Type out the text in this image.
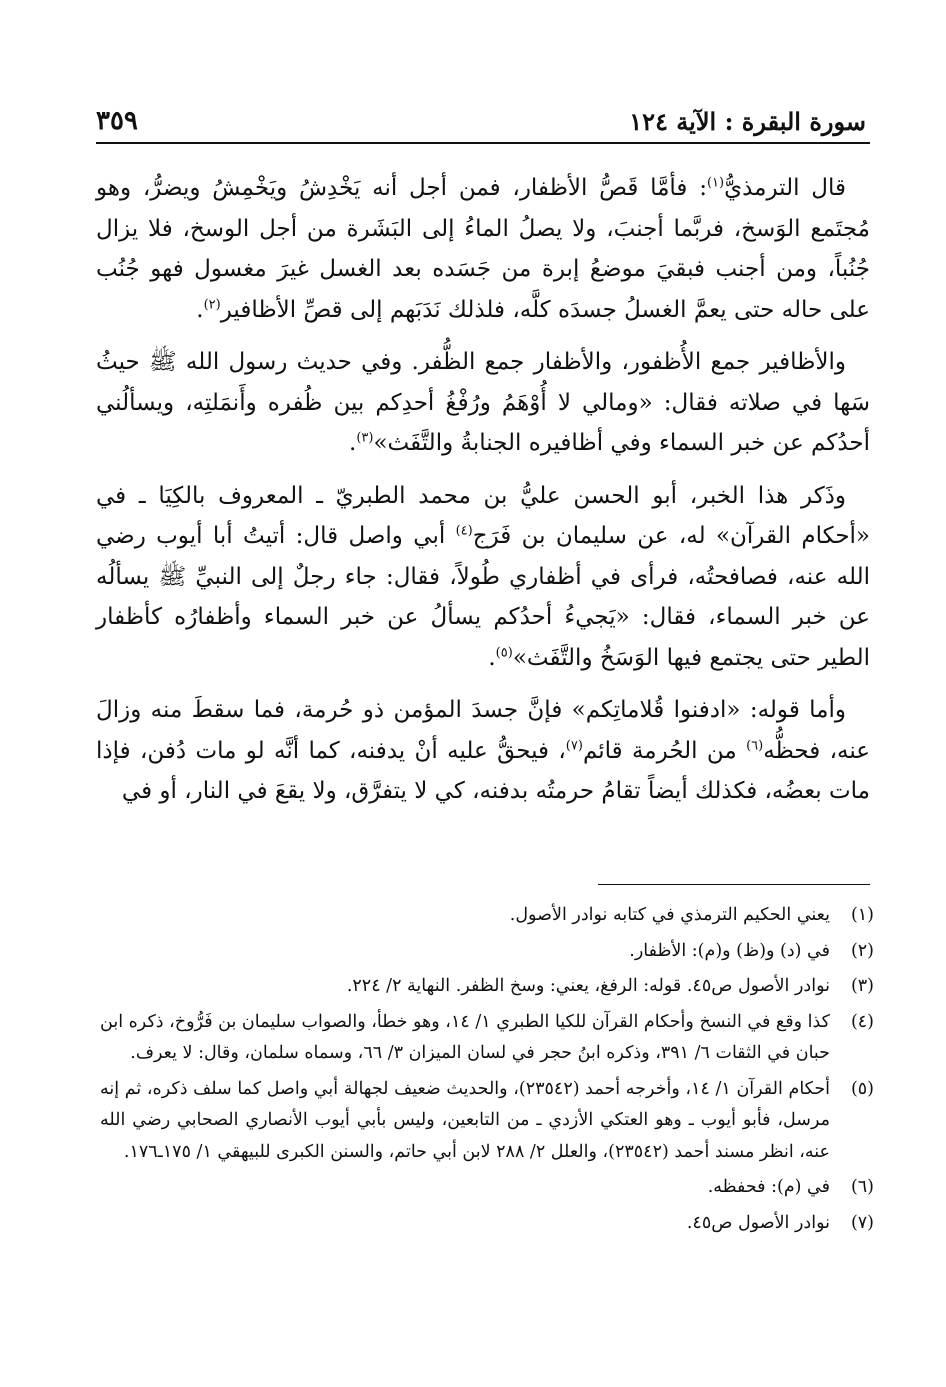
سورة البقرة : الآية ١٢٤
٣٥٩

قال الترمذيُّ$^{(١)}$: فأمَّا قَصُّ الأظفار، فمن أجل أنه يَخْدِشُ ويَخْمِشُ ويضرُّ، وهو مُجتَمع الوَسخ، فربَّما أجنبَ، ولا يصلُ الماءُ إلى البَشَرة من أجل الوسخ، فلا يزال جُنُباً، ومن أجنب فبقيَ موضعُ إبرة من جَسَده بعد الغسل غيرَ مغسول فهو جُنُب على حاله حتى يعمَّ الغسلُ جسدَه كلَّه، فلذلك نَدَبَهم إلى قصِّ الأظافير$^{(٢)}$.

والأظافير جمع الأُظفور، والأظفار جمع الظُّفر. وفي حديث رسول الله ﷺ حيثُ سَها في صلاته فقال: «ومالي لا أُوْهَمُ ورُفْغُ أحدِكم بين ظُفره وأَنمَلتِه، ويسألُني أحدُكم عن خبر السماء وفي أظافيره الجنابةُ والتَّفَث»$^{(٣)}$.

وذَكر هذا الخبر، أبو الحسن عليُّ بن محمد الطبريّ ـ المعروف بالكِيَا ـ في «أحكام القرآن» له، عن سليمان بن فَرَج$^{(٤)}$ أبي واصل قال: أتيتُ أبا أيوب رضي الله عنه، فصافحتُه، فرأى في أظفاري طُولاً، فقال: جاء رجلٌ إلى النبيِّ ﷺ يسألُه عن خبر السماء، فقال: «يَجيءُ أحدُكم يسألُ عن خبر السماء وأظفارُه كأظفار الطير حتى يجتمع فيها الوَسَخُ والتَّفَث»$^{(٥)}$.

وأما قوله: «ادفنوا قُلاماتِكم» فإنَّ جسدَ المؤمن ذو حُرمة، فما سقطَ منه وزالَ عنه، فحظُّه$^{(٦)}$ من الحُرمة قائم$^{(٧)}$، فيحقُّ عليه أنْ يدفنه، كما أنَّه لو مات دُفن، فإذا مات بعضُه، فكذلك أيضاً تقامُ حرمتُه بدفنه، كي لا يتفرَّق، ولا يقعَ في النار، أو في

(١)
يعني الحكيم الترمذي في كتابه نوادر الأصول.
(٢)
في (د) و(ظ) و(م): الأظفار.
(٣)
نوادر الأصول ص٤٥. قوله: الرفغ، يعني: وسخ الظفر. النهاية ٢/ ٢٢٤.
(٤)
كذا وقع في النسخ وأحكام القرآن للكيا الطبري ١/ ١٤، وهو خطأ، والصواب سليمان بن فَرُّوخ، ذكره ابن حبان في الثقات ٦/ ٣٩١، وذكره ابنُ حجر في لسان الميزان ٣/ ٦٦، وسماه سلمان، وقال: لا يعرف.
(٥)
أحكام القرآن ١/ ١٤، وأخرجه أحمد (٢٣٥٤٢)، والحديث ضعيف لجهالة أبي واصل كما سلف ذكره، ثم إنه مرسل، فأبو أيوب ـ وهو العتكي الأزدي ـ من التابعين، وليس بأبي أيوب الأنصاري الصحابي رضي الله عنه، انظر مسند أحمد (٢٣٥٤٢)، والعلل ٢/ ٢٨٨ لابن أبي حاتم، والسنن الكبرى للبيهقي ١/ ١٧٥ـ١٧٦.
(٦)
في (م): فحفظه.
(٧)
نوادر الأصول ص٤٥.
